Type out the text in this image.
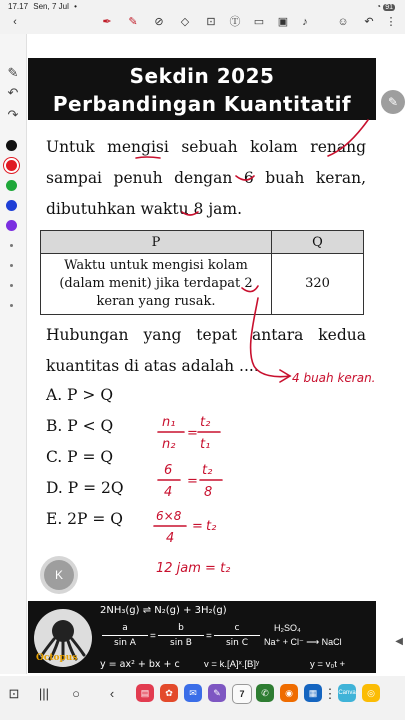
17.17 Sen, 7 Jul •	◔ 91
‹	✒ ✎ ⊘ ◇ ⊡ Ⓣ ▭ ▣	♪	☺ ↶ ⋮
✎
↶
↷
Sekdin 2025
Perbandingan Kuantitatif
Untuk mengisi sebuah kolam renang sampai penuh dengan 6 buah keran, dibutuhkan waktu 8 jam.
P	Q
Waktu untuk mengisi kolam (dalam menit) jika terdapat 2 keran yang rusak.	320
Hubungan yang tepat antara kedua kuantitas di atas adalah ....
A. P > Q
B. P < Q
C. P = Q
D. P = 2Q
E. 2P = Q
4 buah keran.
n₁
n₂
=
t₂
t₁
6
4
=
t₂
8
6×8
4
= t₂
12 jam = t₂
K
✎
Octopus
2NH₃(g) ⇌ N₂(g) + 3H₂(g)
$\frac{a}{\text{sin A}} = \frac{b}{\text{sin B}} = \frac{c}{\text{sin C}} H_2SO_4$
Na⁺ + Cl⁻ ⟶ NaCl
y = ax² + bx + c	v = k.[A]ˣ.[B]ʸ	y = v₀t +
◀
⊡ |||	○	‹	▤	✿	✉	✎	7	✆	◉	▦ ⋮ Canva	◎
